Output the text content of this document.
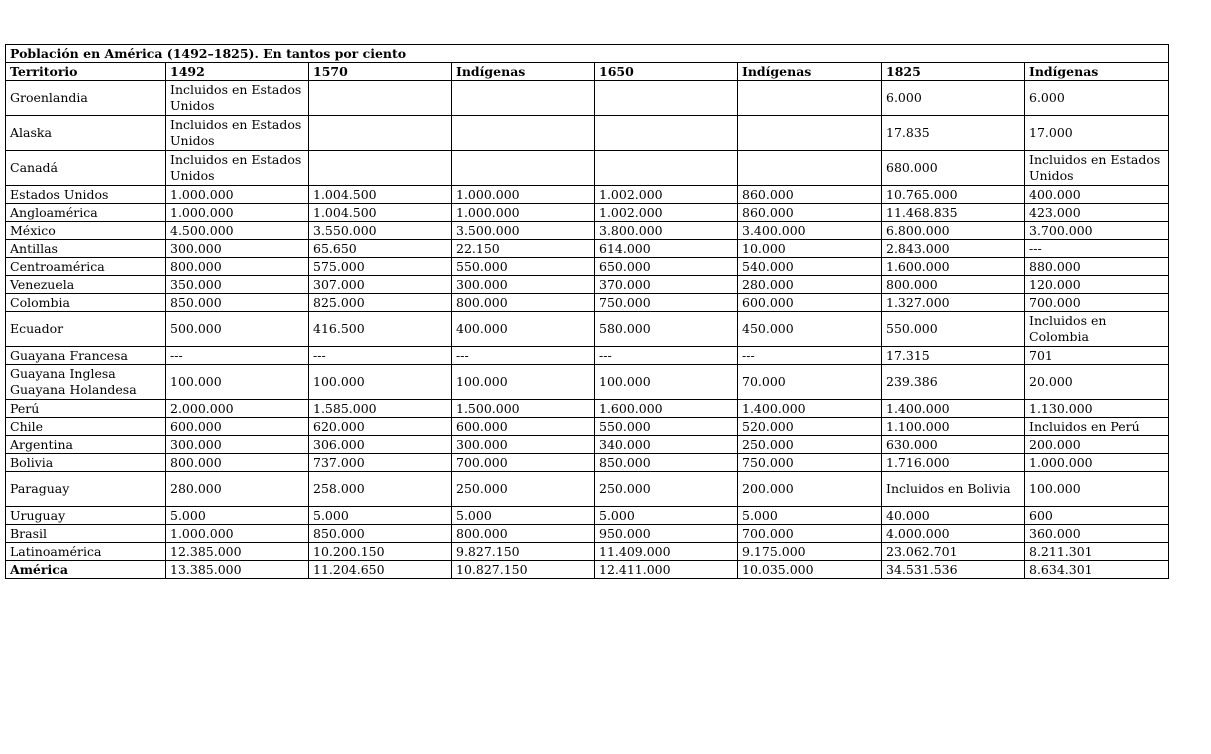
Población en América (1492–1825). En tantos por ciento							
Territorio	1492	1570	Indígenas	1650	Indígenas	1825	Indígenas
Groenlandia	Incluidos en Estados Unidos					6.000	6.000
Alaska	Incluidos en Estados Unidos					17.835	17.000
Canadá	Incluidos en Estados Unidos					680.000	Incluidos en Estados Unidos
Estados Unidos	1.000.000	1.004.500	1.000.000	1.002.000	860.000	10.765.000	400.000
Angloamérica	1.000.000	1.004.500	1.000.000	1.002.000	860.000	11.468.835	423.000
México	4.500.000	3.550.000	3.500.000	3.800.000	3.400.000	6.800.000	3.700.000
Antillas	300.000	65.650	22.150	614.000	10.000	2.843.000	---
Centroamérica	800.000	575.000	550.000	650.000	540.000	1.600.000	880.000
Venezuela	350.000	307.000	300.000	370.000	280.000	800.000	120.000
Colombia	850.000	825.000	800.000	750.000	600.000	1.327.000	700.000
Ecuador	500.000	416.500	400.000	580.000	450.000	550.000	Incluidos en Colombia
Guayana Francesa	---	---	---	---	---	17.315	701
Guayana Inglesa Guayana Holandesa	100.000	100.000	100.000	100.000	70.000	239.386	20.000
Perú	2.000.000	1.585.000	1.500.000	1.600.000	1.400.000	1.400.000	1.130.000
Chile	600.000	620.000	600.000	550.000	520.000	1.100.000	Incluidos en Perú
Argentina	300.000	306.000	300.000	340.000	250.000	630.000	200.000
Bolivia	800.000	737.000	700.000	850.000	750.000	1.716.000	1.000.000
Paraguay	280.000	258.000	250.000	250.000	200.000	Incluidos en Bolivia	100.000
Uruguay	5.000	5.000	5.000	5.000	5.000	40.000	600
Brasil	1.000.000	850.000	800.000	950.000	700.000	4.000.000	360.000
Latinoamérica	12.385.000	10.200.150	9.827.150	11.409.000	9.175.000	23.062.701	8.211.301
América	13.385.000	11.204.650	10.827.150	12.411.000	10.035.000	34.531.536	8.634.301
